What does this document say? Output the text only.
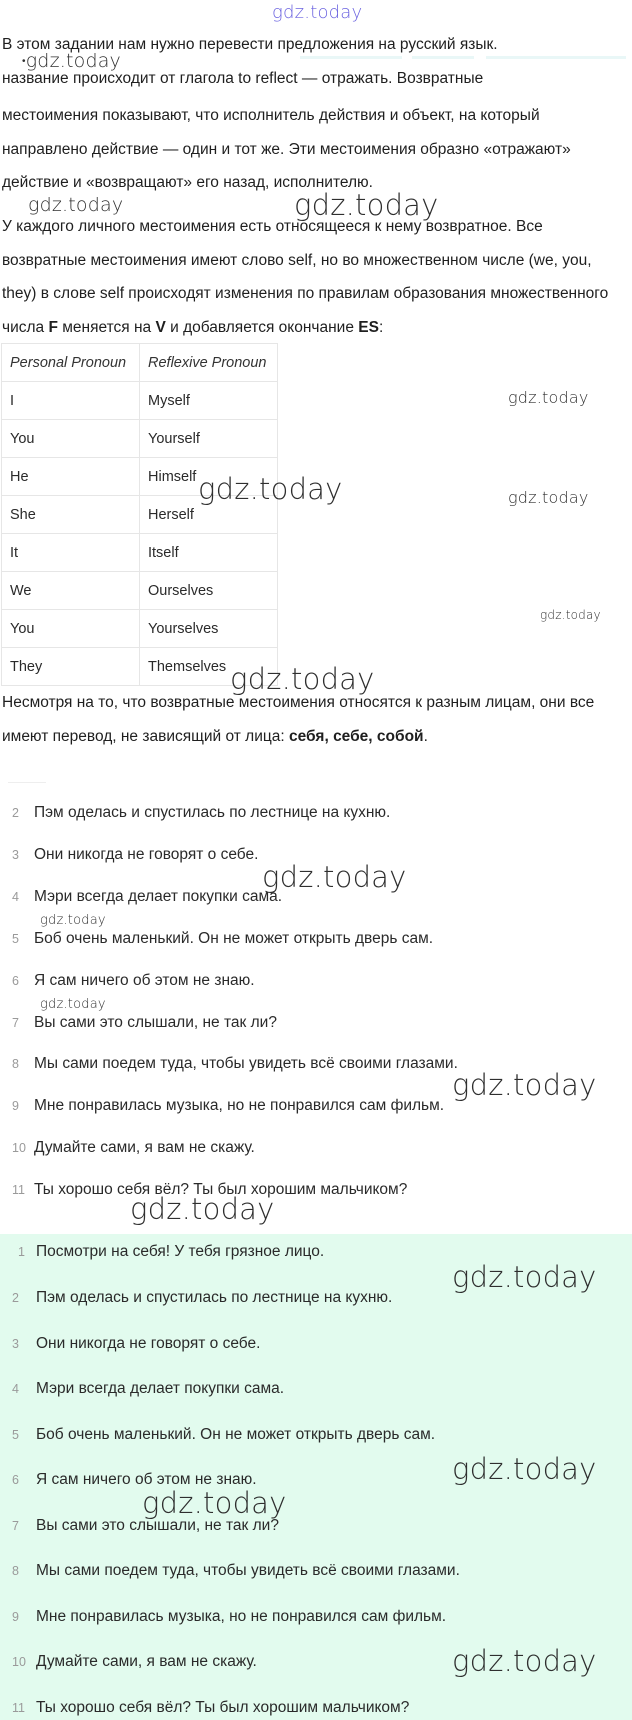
gdz.today
•gdz.today
gdz.today	gdz.today
gdz.today
gdz.today	gdz.today
gdz.today
gdz.today
gdz.today
gdz.today
gdz.today
gdz.today
gdz.today
gdz.today
gdz.today
gdz.today
gdz.today
В этом задании нам нужно перевести предложения на русский язык.
название происходит от глагола to reflect — отражать. Возвратные
местоимения показывают, что исполнитель действия и объект, на который направлено действие — один и тот же. Эти местоимения образно «отражают» действие и «возвращают» его назад, исполнителю.
У каждого личного местоимения есть относящееся к нему возвратное. Все возвратные местоимения имеют слово self, но во множественном числе (we, you, they) в слове self происходят изменения по правилам образования множественного числа F меняется на V и добавляется окончание ES:
Personal Pronoun	Reflexive Pronoun
I	Myself
You	Yourself
He	Himself
She	Herself
It	Itself
We	Ourselves
You	Yourselves
They	Themselves
Несмотря на то, что возвратные местоимения относятся к разным лицам, они все имеют перевод, не зависящий от лица: себя, себе, собой.
2 Пэм оделась и спустилась по лестнице на кухню.
3 Они никогда не говорят о себе.
4 Мэри всегда делает покупки сама.
5 Боб очень маленький. Он не может открыть дверь сам.
6 Я сам ничего об этом не знаю.
7 Вы сами это слышали, не так ли?
8 Мы сами поедем туда, чтобы увидеть всё своими глазами.
9 Мне понравилась музыка, но не понравился сам фильм.
10 Думайте сами, я вам не скажу.
11 Ты хорошо себя вёл? Ты был хорошим мальчиком?
1 Посмотри на себя! У тебя грязное лицо.
2 Пэм оделась и спустилась по лестнице на кухню.
3 Они никогда не говорят о себе.
4 Мэри всегда делает покупки сама.
5 Боб очень маленький. Он не может открыть дверь сам.
6 Я сам ничего об этом не знаю.
7 Вы сами это слышали, не так ли?
8 Мы сами поедем туда, чтобы увидеть всё своими глазами.
9 Мне понравилась музыка, но не понравился сам фильм.
10 Думайте сами, я вам не скажу.
11 Ты хорошо себя вёл? Ты был хорошим мальчиком?
